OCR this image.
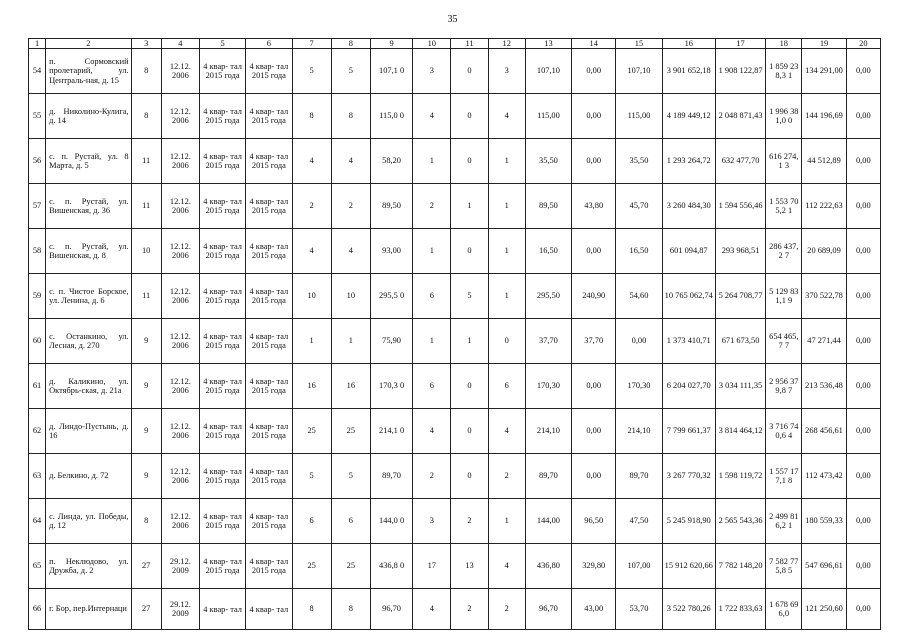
35
1	2	3	4	5	6	7	8	9	10	11	12	13	14	15	16	17	18	19	20
54	п. Сормовский пролетарий, ул. Централь-ная, д. 15	8	12.12. 2006	4 квар- тал 2015 года	4 квар- тал 2015 года	5	5	107,1 0	3	0	3	107,10	0,00	107,10	3 901 652,18	1 908 122,87	1 859 238,3 1	134 291,00	0,00
55	д. Николино-Кулига, д. 14	8	12.12. 2006	4 квар- тал 2015 года	4 квар- тал 2015 года	8	8	115,0 0	4	0	4	115,00	0,00	115,00	4 189 449,12	2 048 871,43	1 996 381,0 0	144 196,69	0,00
56	с. п. Рустай, ул. 8 Марта, д. 5	11	12.12. 2006	4 квар- тал 2015 года	4 квар- тал 2015 года	4	4	58,20	1	0	1	35,50	0,00	35,50	1 293 264,72	632 477,70	616 274,1 3	44 512,89	0,00
57	с. п. Рустай, ул. Вишенская, д. 36	11	12.12. 2006	4 квар- тал 2015 года	4 квар- тал 2015 года	2	2	89,50	2	1	1	89,50	43,80	45,70	3 260 484,30	1 594 556,46	1 553 705,2 1	112 222,63	0,00
58	с. п. Рустай, ул. Вишенская, д. 8	10	12.12. 2006	4 квар- тал 2015 года	4 квар- тал 2015 года	4	4	93,00	1	0	1	16,50	0,00	16,50	601 094,87	293 968,51	286 437,2 7	20 689,09	0,00
59	с. п. Чистое Борское, ул. Ленина, д. 6	11	12.12. 2006	4 квар- тал 2015 года	4 квар- тал 2015 года	10	10	295,5 0	6	5	1	295,50	240,90	54,60	10 765 062,74	5 264 708,77	5 129 831,1 9	370 522,78	0,00
60	с. Останкино, ул. Лесная, д. 270	9	12.12. 2006	4 квар- тал 2015 года	4 квар- тал 2015 года	1	1	75,90	1	1	0	37,70	37,70	0,00	1 373 410,71	671 673,50	654 465,7 7	47 271,44	0,00
61	д. Каликино, ул. Октябрь-ская, д. 21а	9	12.12. 2006	4 квар- тал 2015 года	4 квар- тал 2015 года	16	16	170,3 0	6	0	6	170,30	0,00	170,30	6 204 027,70	3 034 111,35	2 956 379,8 7	213 536,48	0,00
62	д. Линдо-Пустынь, д. 16	9	12.12. 2006	4 квар- тал 2015 года	4 квар- тал 2015 года	25	25	214,1 0	4	0	4	214,10	0,00	214,10	7 799 661,37	3 814 464,12	3 716 740,6 4	268 456,61	0,00
63	д. Белкино, д. 72	9	12.12. 2006	4 квар- тал 2015 года	4 квар- тал 2015 года	5	5	89,70	2	0	2	89,70	0,00	89,70	3 267 770,32	1 598 119,72	1 557 177,1 8	112 473,42	0,00
64	с. Линда, ул. Победы, д. 12	8	12.12. 2006	4 квар- тал 2015 года	4 квар- тал 2015 года	6	6	144,0 0	3	2	1	144,00	96,50	47,50	5 245 918,90	2 565 543,36	2 499 816,2 1	180 559,33	0,00
65	п. Неклюдово, ул. Дружба, д. 2	27	29.12. 2009	4 квар- тал 2015 года	4 квар- тал 2015 года	25	25	436,8 0	17	13	4	436,80	329,80	107,00	15 912 620,66	7 782 148,20	7 582 775,8 5	547 696,61	0,00
66	г. Бор, пер.Интернаци	27	29.12. 2009	4 квар- тал	4 квар- тал	8	8	96,70	4	2	2	96,70	43,00	53,70	3 522 780,26	1 722 833,63	1 678 696,0	121 250,60	0,00
